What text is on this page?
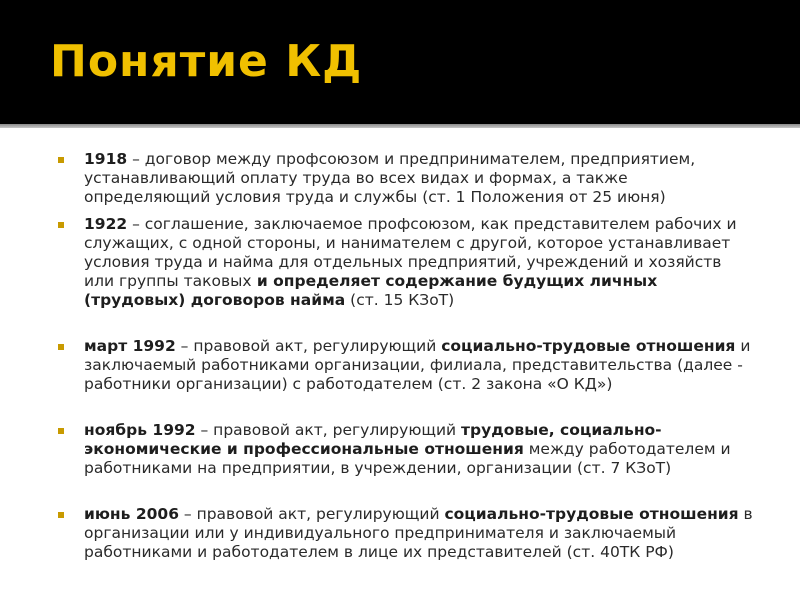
Понятие КД
1918 – договор между профсоюзом и предпринимателем, предприятием, устанавливающий оплату труда во всех видах и формах, а также определяющий условия труда и службы (ст. 1 Положения от 25 июня)
1922 – соглашение, заключаемое профсоюзом, как представителем рабочих и служащих, с одной стороны, и нанимателем с другой, которое устанавливает условия труда и найма для отдельных предприятий, учреждений и хозяйств или группы таковых и определяет содержание будущих личных (трудовых) договоров найма (ст. 15 КЗоТ)
март 1992 – правовой акт, регулирующий социально-трудовые отношения и заключаемый работниками организации, филиала, представительства (далее - работники организации) с работодателем (ст. 2 закона «О КД»)
ноябрь 1992 – правовой акт, регулирующий трудовые, социально-экономические и профессиональные отношения между работодателем и работниками на предприятии, в учреждении, организации (ст. 7 КЗоТ)
июнь 2006 – правовой акт, регулирующий социально-трудовые отношения в организации или у индивидуального предпринимателя и заключаемый работниками и работодателем в лице их представителей (ст. 40ТК РФ)
